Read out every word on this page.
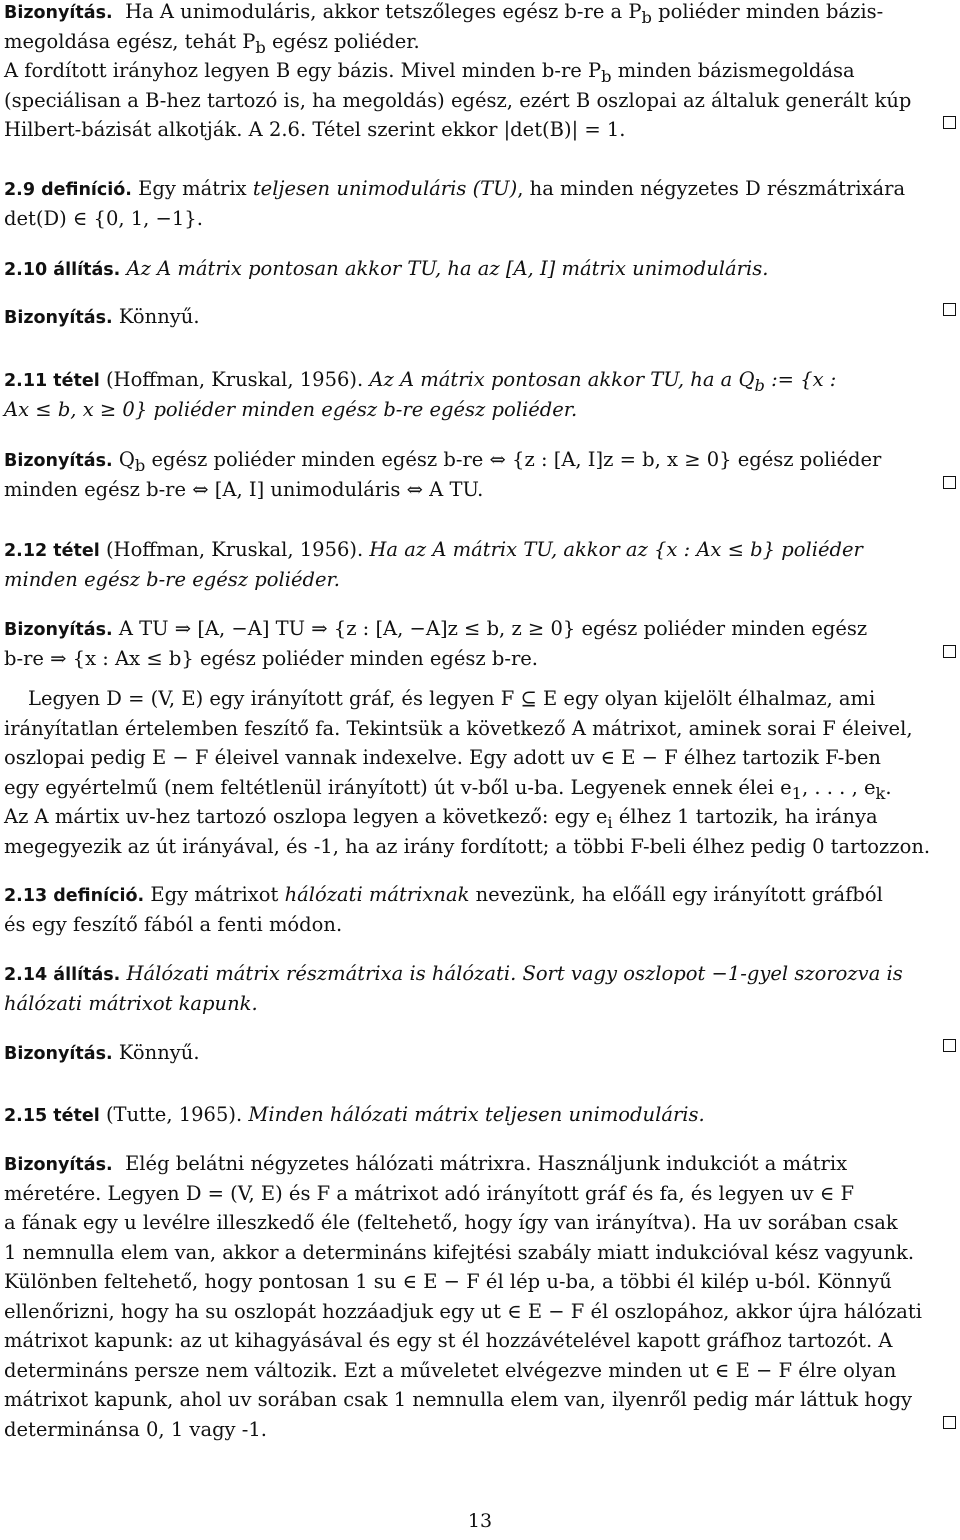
Bizonyítás. Ha A unimoduláris, akkor tetszőleges egész b-re a $P_b$ poliéder minden bázis-
megoldása egész, tehát $P_b$ egész poliéder.
A fordított irányhoz legyen B egy bázis. Mivel minden b-re $P_b$ minden bázismegoldása
(speciálisan a B-hez tartozó is, ha megoldás) egész, ezért B oszlopai az általuk generált kúp
Hilbert-bázisát alkotják. A 2.6. Tétel szerint ekkor |det(B)| = 1.
2.9 definíció. Egy mátrix teljesen unimoduláris (TU), ha minden négyzetes D részmátrixára
det(D) ∈ {0, 1, −1}.
2.10 állítás. Az A mátrix pontosan akkor TU, ha az [A, I] mátrix unimoduláris.
Bizonyítás. Könnyű.
2.11 tétel (Hoffman, Kruskal, 1956). Az A mátrix pontosan akkor TU, ha a $Q_b$ := {x :
Ax ≤ b, x ≥ 0} poliéder minden egész b-re egész poliéder.
Bizonyítás. $Q_b$ egész poliéder minden egész b-re ⇔ {z : [A, I]z = b, x ≥ 0} egész poliéder
minden egész b-re ⇔ [A, I] unimoduláris ⇔ A TU.
2.12 tétel (Hoffman, Kruskal, 1956). Ha az A mátrix TU, akkor az {x : Ax ≤ b} poliéder
minden egész b-re egész poliéder.
Bizonyítás. A TU ⇒ [A, −A] TU ⇒ {z : [A, −A]z ≤ b, z ≥ 0} egész poliéder minden egész
b-re ⇒ {x : Ax ≤ b} egész poliéder minden egész b-re.
Legyen D = (V, E) egy irányított gráf, és legyen F ⊆ E egy olyan kijelölt élhalmaz, ami
irányítatlan értelemben feszítő fa. Tekintsük a következő A mátrixot, aminek sorai F éleivel,
oszlopai pedig E − F éleivel vannak indexelve. Egy adott uv ∈ E − F élhez tartozik F-ben
egy egyértelmű (nem feltétlenül irányított) út v-ből u-ba. Legyenek ennek élei $e_1$, . . . , $e_k$.
Az A mártix uv-hez tartozó oszlopa legyen a következő: egy $e_i$ élhez 1 tartozik, ha iránya
megegyezik az út irányával, és -1, ha az irány fordított; a többi F-beli élhez pedig 0 tartozzon.
2.13 definíció. Egy mátrixot hálózati mátrixnak nevezünk, ha előáll egy irányított gráfból
és egy feszítő fából a fenti módon.
2.14 állítás. Hálózati mátrix részmátrixa is hálózati. Sort vagy oszlopot −1-gyel szorozva is
hálózati mátrixot kapunk.
Bizonyítás. Könnyű.
2.15 tétel (Tutte, 1965). Minden hálózati mátrix teljesen unimoduláris.
Bizonyítás. Elég belátni négyzetes hálózati mátrixra. Használjunk indukciót a mátrix
méretére. Legyen D = (V, E) és F a mátrixot adó irányított gráf és fa, és legyen uv ∈ F
a fának egy u levélre illeszkedő éle (feltehető, hogy így van irányítva). Ha uv sorában csak
1 nemnulla elem van, akkor a determináns kifejtési szabály miatt indukcióval kész vagyunk.
Különben feltehető, hogy pontosan 1 su ∈ E − F él lép u-ba, a többi él kilép u-ból. Könnyű
ellenőrizni, hogy ha su oszlopát hozzáadjuk egy ut ∈ E − F él oszlopához, akkor újra hálózati
mátrixot kapunk: az ut kihagyásával és egy st él hozzávételével kapott gráfhoz tartozót. A
determináns persze nem változik. Ezt a műveletet elvégezve minden ut ∈ E − F élre olyan
mátrixot kapunk, ahol uv sorában csak 1 nemnulla elem van, ilyenről pedig már láttuk hogy
determinánsa 0, 1 vagy -1.
13
